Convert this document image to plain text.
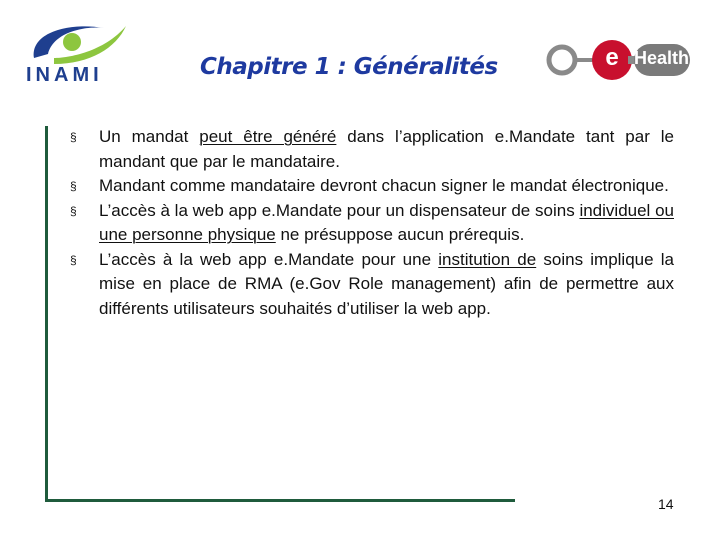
INAMI	Chapitre 1 : Généralités	e Health
§ Un mandat peut être généré dans l’application e.Mandate tant par le mandant que par le mandataire.
§ Mandant comme mandataire devront chacun signer le mandat électronique.
§ L’accès à la web app e.Mandate pour un dispensateur de soins individuel ou une personne physique ne présuppose aucun prérequis.
§ L’accès à la web app e.Mandate pour une institution de soins implique la mise en place de RMA (e.Gov Role management) afin de permettre aux différents utilisateurs souhaités d’utiliser la web app.
14
